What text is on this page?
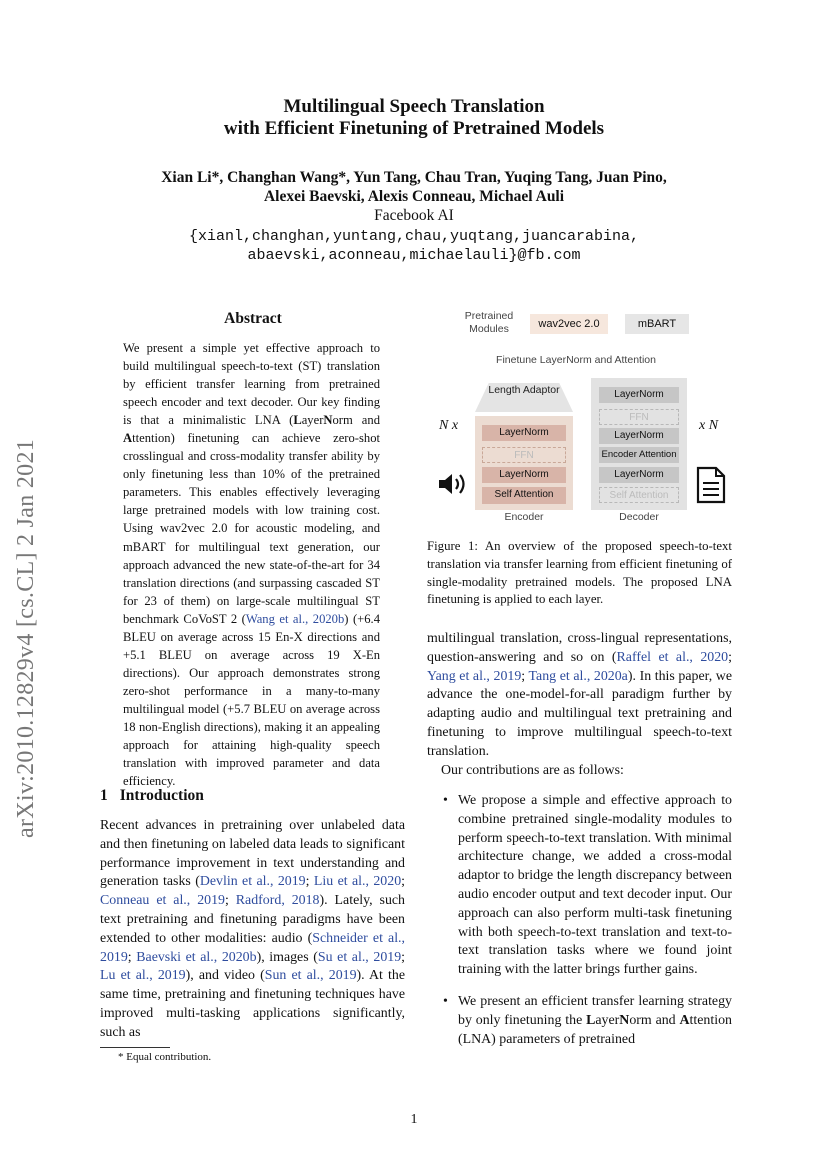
Multilingual Speech Translation
with Efficient Finetuning of Pretrained Models
Xian Li*, Changhan Wang*, Yun Tang, Chau Tran, Yuqing Tang, Juan Pino,
Alexei Baevski, Alexis Conneau, Michael Auli
Facebook AI
{xianl,changhan,yuntang,chau,yuqtang,juancarabina,
abaevski,aconneau,michaelauli}@fb.com
arXiv:2010.12829v4 [cs.CL] 2 Jan 2021
Abstract
We present a simple yet effective approach to build multilingual speech-to-text (ST) translation by efficient transfer learning from pretrained speech encoder and text decoder. Our key finding is that a minimalistic LNA (LayerNorm and Attention) finetuning can achieve zero-shot crosslingual and cross-modality transfer ability by only finetuning less than 10% of the pretrained parameters. This enables effectively leveraging large pretrained models with low training cost. Using wav2vec 2.0 for acoustic modeling, and mBART for multilingual text generation, our approach advanced the new state-of-the-art for 34 translation directions (and surpassing cascaded ST for 23 of them) on large-scale multilingual ST benchmark CoVoST 2 (Wang et al., 2020b) (+6.4 BLEU on average across 15 En-X directions and +5.1 BLEU on average across 19 X-En directions). Our approach demonstrates strong zero-shot performance in a many-to-many multilingual model (+5.7 BLEU on average across 18 non-English directions), making it an appealing approach for attaining high-quality speech translation with improved parameter and data efficiency.
1 Introduction
Recent advances in pretraining over unlabeled data and then finetuning on labeled data leads to significant performance improvement in text understanding and generation tasks (Devlin et al., 2019; Liu et al., 2020; Conneau et al., 2019; Radford, 2018). Lately, such text pretraining and finetuning paradigms have been extended to other modalities: audio (Schneider et al., 2019; Baevski et al., 2020b), images (Su et al., 2019; Lu et al., 2019), and video (Sun et al., 2019). At the same time, pretraining and finetuning techniques have improved multi-tasking applications significantly, such as
* Equal contribution.
1
Pretrained Modules	wav2vec 2.0	mBART
Finetune LayerNorm and Attention
Length Adaptor
LayerNorm
FFN
LayerNorm
Self Attention
Encoder
LayerNorm
FFN
LayerNorm
Encoder Attention
LayerNorm
Self Attention
Decoder
N x	x N
Figure 1: An overview of the proposed speech-to-text translation via transfer learning from efficient finetuning of single-modality pretrained models. The proposed LNA finetuning is applied to each layer.
multilingual translation, cross-lingual representations, question-answering and so on (Raffel et al., 2020; Yang et al., 2019; Tang et al., 2020a). In this paper, we advance the one-model-for-all paradigm further by adapting audio and multilingual text pretraining and finetuning to improve multilingual speech-to-text translation.
Our contributions are as follows:
• We propose a simple and effective approach to combine pretrained single-modality modules to perform speech-to-text translation. With minimal architecture change, we added a cross-modal adaptor to bridge the length discrepancy between audio encoder output and text decoder input. Our approach can also perform multi-task finetuning with both speech-to-text translation and text-to-text translation tasks where we found joint training with the latter brings further gains.
• We present an efficient transfer learning strategy by only finetuning the LayerNorm and Attention (LNA) parameters of pretrained
